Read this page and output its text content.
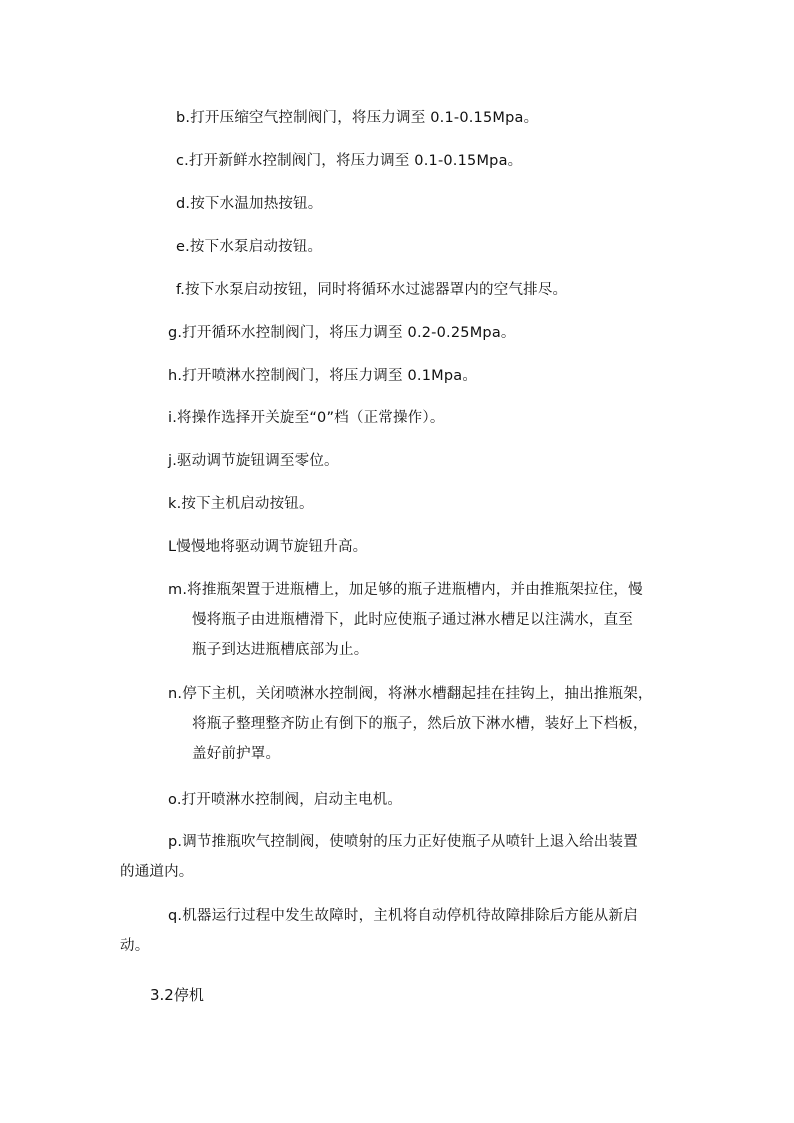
b.打开压缩空气控制阀门，将压力调至 0.1-0.15Mpa。
c.打开新鲜水控制阀门，将压力调至 0.1-0.15Mpa。
d.按下水温加热按钮。
e.按下水泵启动按钮。
f.按下水泵启动按钮，同时将循环水过滤器罩内的空气排尽。
g.打开循环水控制阀门，将压力调至 0.2-0.25Mpa。
h.打开喷淋水控制阀门，将压力调至 0.1Mpa。
i.将操作选择开关旋至“0”档（正常操作）。
j.驱动调节旋钮调至零位。
k.按下主机启动按钮。
L慢慢地将驱动调节旋钮升高。
m.将推瓶架置于进瓶槽上，加足够的瓶子进瓶槽内，并由推瓶架拉住，慢
慢将瓶子由进瓶槽滑下，此时应使瓶子通过淋水槽足以注满水，直至
瓶子到达进瓶槽底部为止。
n.停下主机，关闭喷淋水控制阀，将淋水槽翻起挂在挂钩上，抽出推瓶架，
将瓶子整理整齐防止有倒下的瓶子，然后放下淋水槽，装好上下档板，
盖好前护罩。
o.打开喷淋水控制阀，启动主电机。
p.调节推瓶吹气控制阀，使喷射的压力正好使瓶子从喷针上退入给出装置
的通道内。
q.机器运行过程中发生故障时，主机将自动停机待故障排除后方能从新启
动。
3.2停机
